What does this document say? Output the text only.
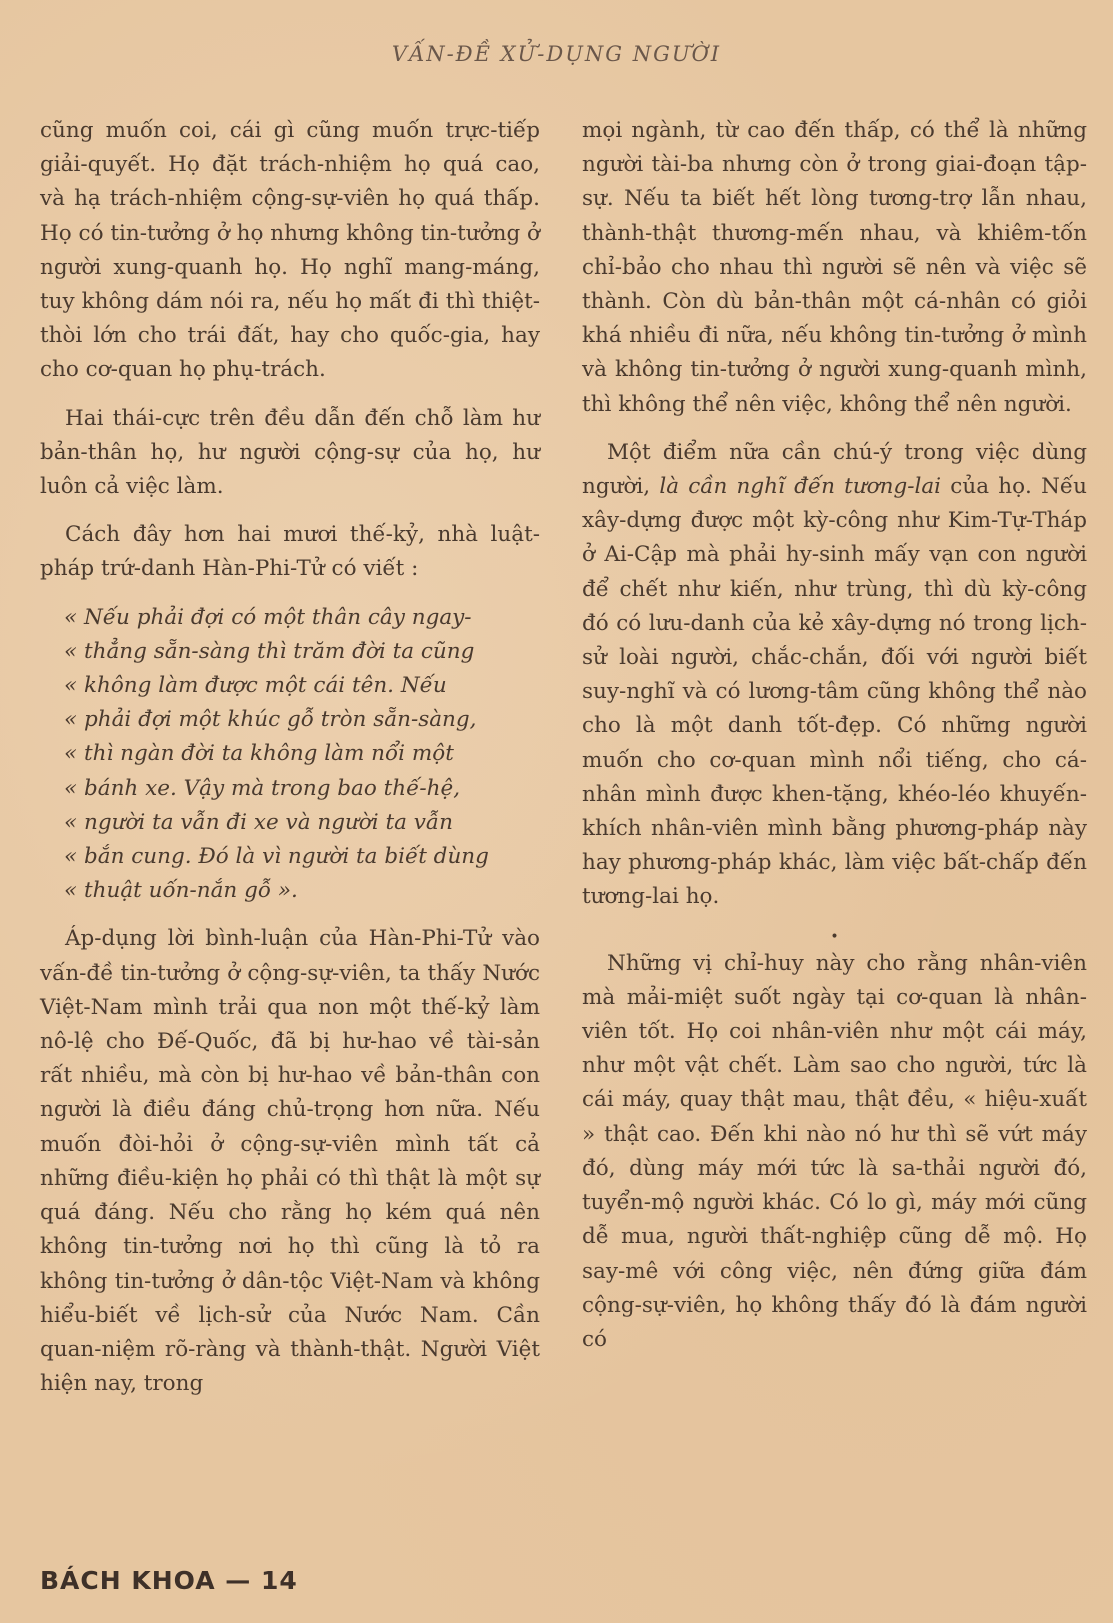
VẤN-ĐỀ XỬ-DỤNG NGƯỜI

cũng muốn coi, cái gì cũng muốn trực-tiếp giải-quyết. Họ đặt trách-nhiệm họ quá cao, và hạ trách-nhiệm cộng-sự-viên họ quá thấp. Họ có tin-tưởng ở họ nhưng không tin-tưởng ở người xung-quanh họ. Họ nghĩ mang-máng, tuy không dám nói ra, nếu họ mất đi thì thiệt-thòi lớn cho trái đất, hay cho quốc-gia, hay cho cơ-quan họ phụ-trách.

Hai thái-cực trên đều dẫn đến chỗ làm hư bản-thân họ, hư người cộng-sự của họ, hư luôn cả việc làm.

Cách đây hơn hai mươi thế-kỷ, nhà luật-pháp trứ-danh Hàn-Phi-Tử có viết :

« Nếu phải đợi có một thân cây ngay-
« thẳng sẵn-sàng thì trăm đời ta cũng
« không làm được một cái tên. Nếu
« phải đợi một khúc gỗ tròn sẵn-sàng,
« thì ngàn đời ta không làm nổi một
« bánh xe. Vậy mà trong bao thế-hệ,
« người ta vẫn đi xe và người ta vẫn
« bắn cung. Đó là vì người ta biết dùng
« thuật uốn-nắn gỗ ».

Áp-dụng lời bình-luận của Hàn-Phi-Tử vào vấn-đề tin-tưởng ở cộng-sự-viên, ta thấy Nước Việt-Nam mình trải qua non một thế-kỷ làm nô-lệ cho Đế-Quốc, đã bị hư-hao về tài-sản rất nhiều, mà còn bị hư-hao về bản-thân con người là điều đáng chủ-trọng hơn nữa. Nếu muốn đòi-hỏi ở cộng-sự-viên mình tất cả những điều-kiện họ phải có thì thật là một sự quá đáng. Nếu cho rằng họ kém quá nên không tin-tưởng nơi họ thì cũng là tỏ ra không tin-tưởng ở dân-tộc Việt-Nam và không hiểu-biết về lịch-sử của Nước Nam. Cần quan-niệm rõ-ràng và thành-thật. Người Việt hiện nay, trong

mọi ngành, từ cao đến thấp, có thể là những người tài-ba nhưng còn ở trong giai-đoạn tập-sự. Nếu ta biết hết lòng tương-trợ lẫn nhau, thành-thật thương-mến nhau, và khiêm-tốn chỉ-bảo cho nhau thì người sẽ nên và việc sẽ thành. Còn dù bản-thân một cá-nhân có giỏi khá nhiều đi nữa, nếu không tin-tưởng ở mình và không tin-tưởng ở người xung-quanh mình, thì không thể nên việc, không thể nên người.

Một điểm nữa cần chú-ý trong việc dùng người, là cần nghĩ đến tương-lai của họ. Nếu xây-dựng được một kỳ-công như Kim-Tự-Tháp ở Ai-Cập mà phải hy-sinh mấy vạn con người để chết như kiến, như trùng, thì dù kỳ-công đó có lưu-danh của kẻ xây-dựng nó trong lịch-sử loài người, chắc-chắn, đối với người biết suy-nghĩ và có lương-tâm cũng không thể nào cho là một danh tốt-đẹp. Có những người muốn cho cơ-quan mình nổi tiếng, cho cá-nhân mình được khen-tặng, khéo-léo khuyến-khích nhân-viên mình bằng phương-pháp này hay phương-pháp khác, làm việc bất-chấp đến tương-lai họ.

•

Những vị chỉ-huy này cho rằng nhân-viên mà mải-miệt suốt ngày tại cơ-quan là nhân-viên tốt. Họ coi nhân-viên như một cái máy, như một vật chết. Làm sao cho người, tức là cái máy, quay thật mau, thật đều, « hiệu-xuất » thật cao. Đến khi nào nó hư thì sẽ vứt máy đó, dùng máy mới tức là sa-thải người đó, tuyển-mộ người khác. Có lo gì, máy mới cũng dễ mua, người thất-nghiệp cũng dễ mộ. Họ say-mê với công việc, nên đứng giữa đám cộng-sự-viên, họ không thấy đó là đám người có

BÁCH KHOA — 14
